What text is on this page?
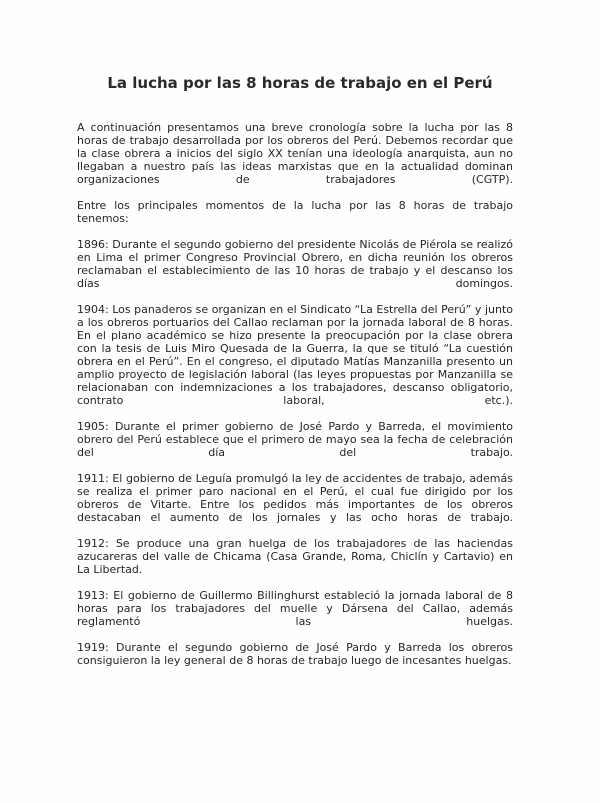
La lucha por las 8 horas de trabajo en el Perú

A continuación presentamos una breve cronología sobre la lucha por las 8 horas de trabajo desarrollada por los obreros del Perú. Debemos recordar que la clase obrera a inicios del siglo XX tenían una ideología anarquista, aun no llegaban a nuestro país las ideas marxistas que en la actualidad dominan organizaciones de trabajadores (CGTP).

Entre los principales momentos de la lucha por las 8 horas de trabajo tenemos:

1896: Durante el segundo gobierno del presidente Nicolás de Piérola se realizó en Lima el primer Congreso Provincial Obrero, en dicha reunión los obreros reclamaban el establecimiento de las 10 horas de trabajo y el descanso los días domingos.

1904: Los panaderos se organizan en el Sindicato “La Estrella del Perú” y junto a los obreros portuarios del Callao reclaman por la jornada laboral de 8 horas. En el plano académico se hizo presente la preocupación por la clase obrera con la tesis de Luis Miro Quesada de la Guerra, la que se tituló “La cuestión obrera en el Perú”. En el congreso, el diputado Matías Manzanilla presento un amplio proyecto de legislación laboral (las leyes propuestas por Manzanilla se relacionaban con indemnizaciones a los trabajadores, descanso obligatorio, contrato laboral, etc.).

1905: Durante el primer gobierno de José Pardo y Barreda, el movimiento obrero del Perú establece que el primero de mayo sea la fecha de celebración del día del trabajo.

1911: El gobierno de Leguía promulgó la ley de accidentes de trabajo, además se realiza el primer paro nacional en el Perú, el cual fue dirigido por los obreros de Vitarte. Entre los pedidos más importantes de los obreros destacaban el aumento de los jornales y las ocho horas de trabajo.

1912: Se produce una gran huelga de los trabajadores de las haciendas azucareras del valle de Chicama (Casa Grande, Roma, Chiclín y Cartavio) en La Libertad.

1913: El gobierno de Guillermo Billinghurst estableció la jornada laboral de 8 horas para los trabajadores del muelle y Dársena del Callao, además reglamentó las huelgas.

1919: Durante el segundo gobierno de José Pardo y Barreda los obreros consiguieron la ley general de 8 horas de trabajo luego de incesantes huelgas.
